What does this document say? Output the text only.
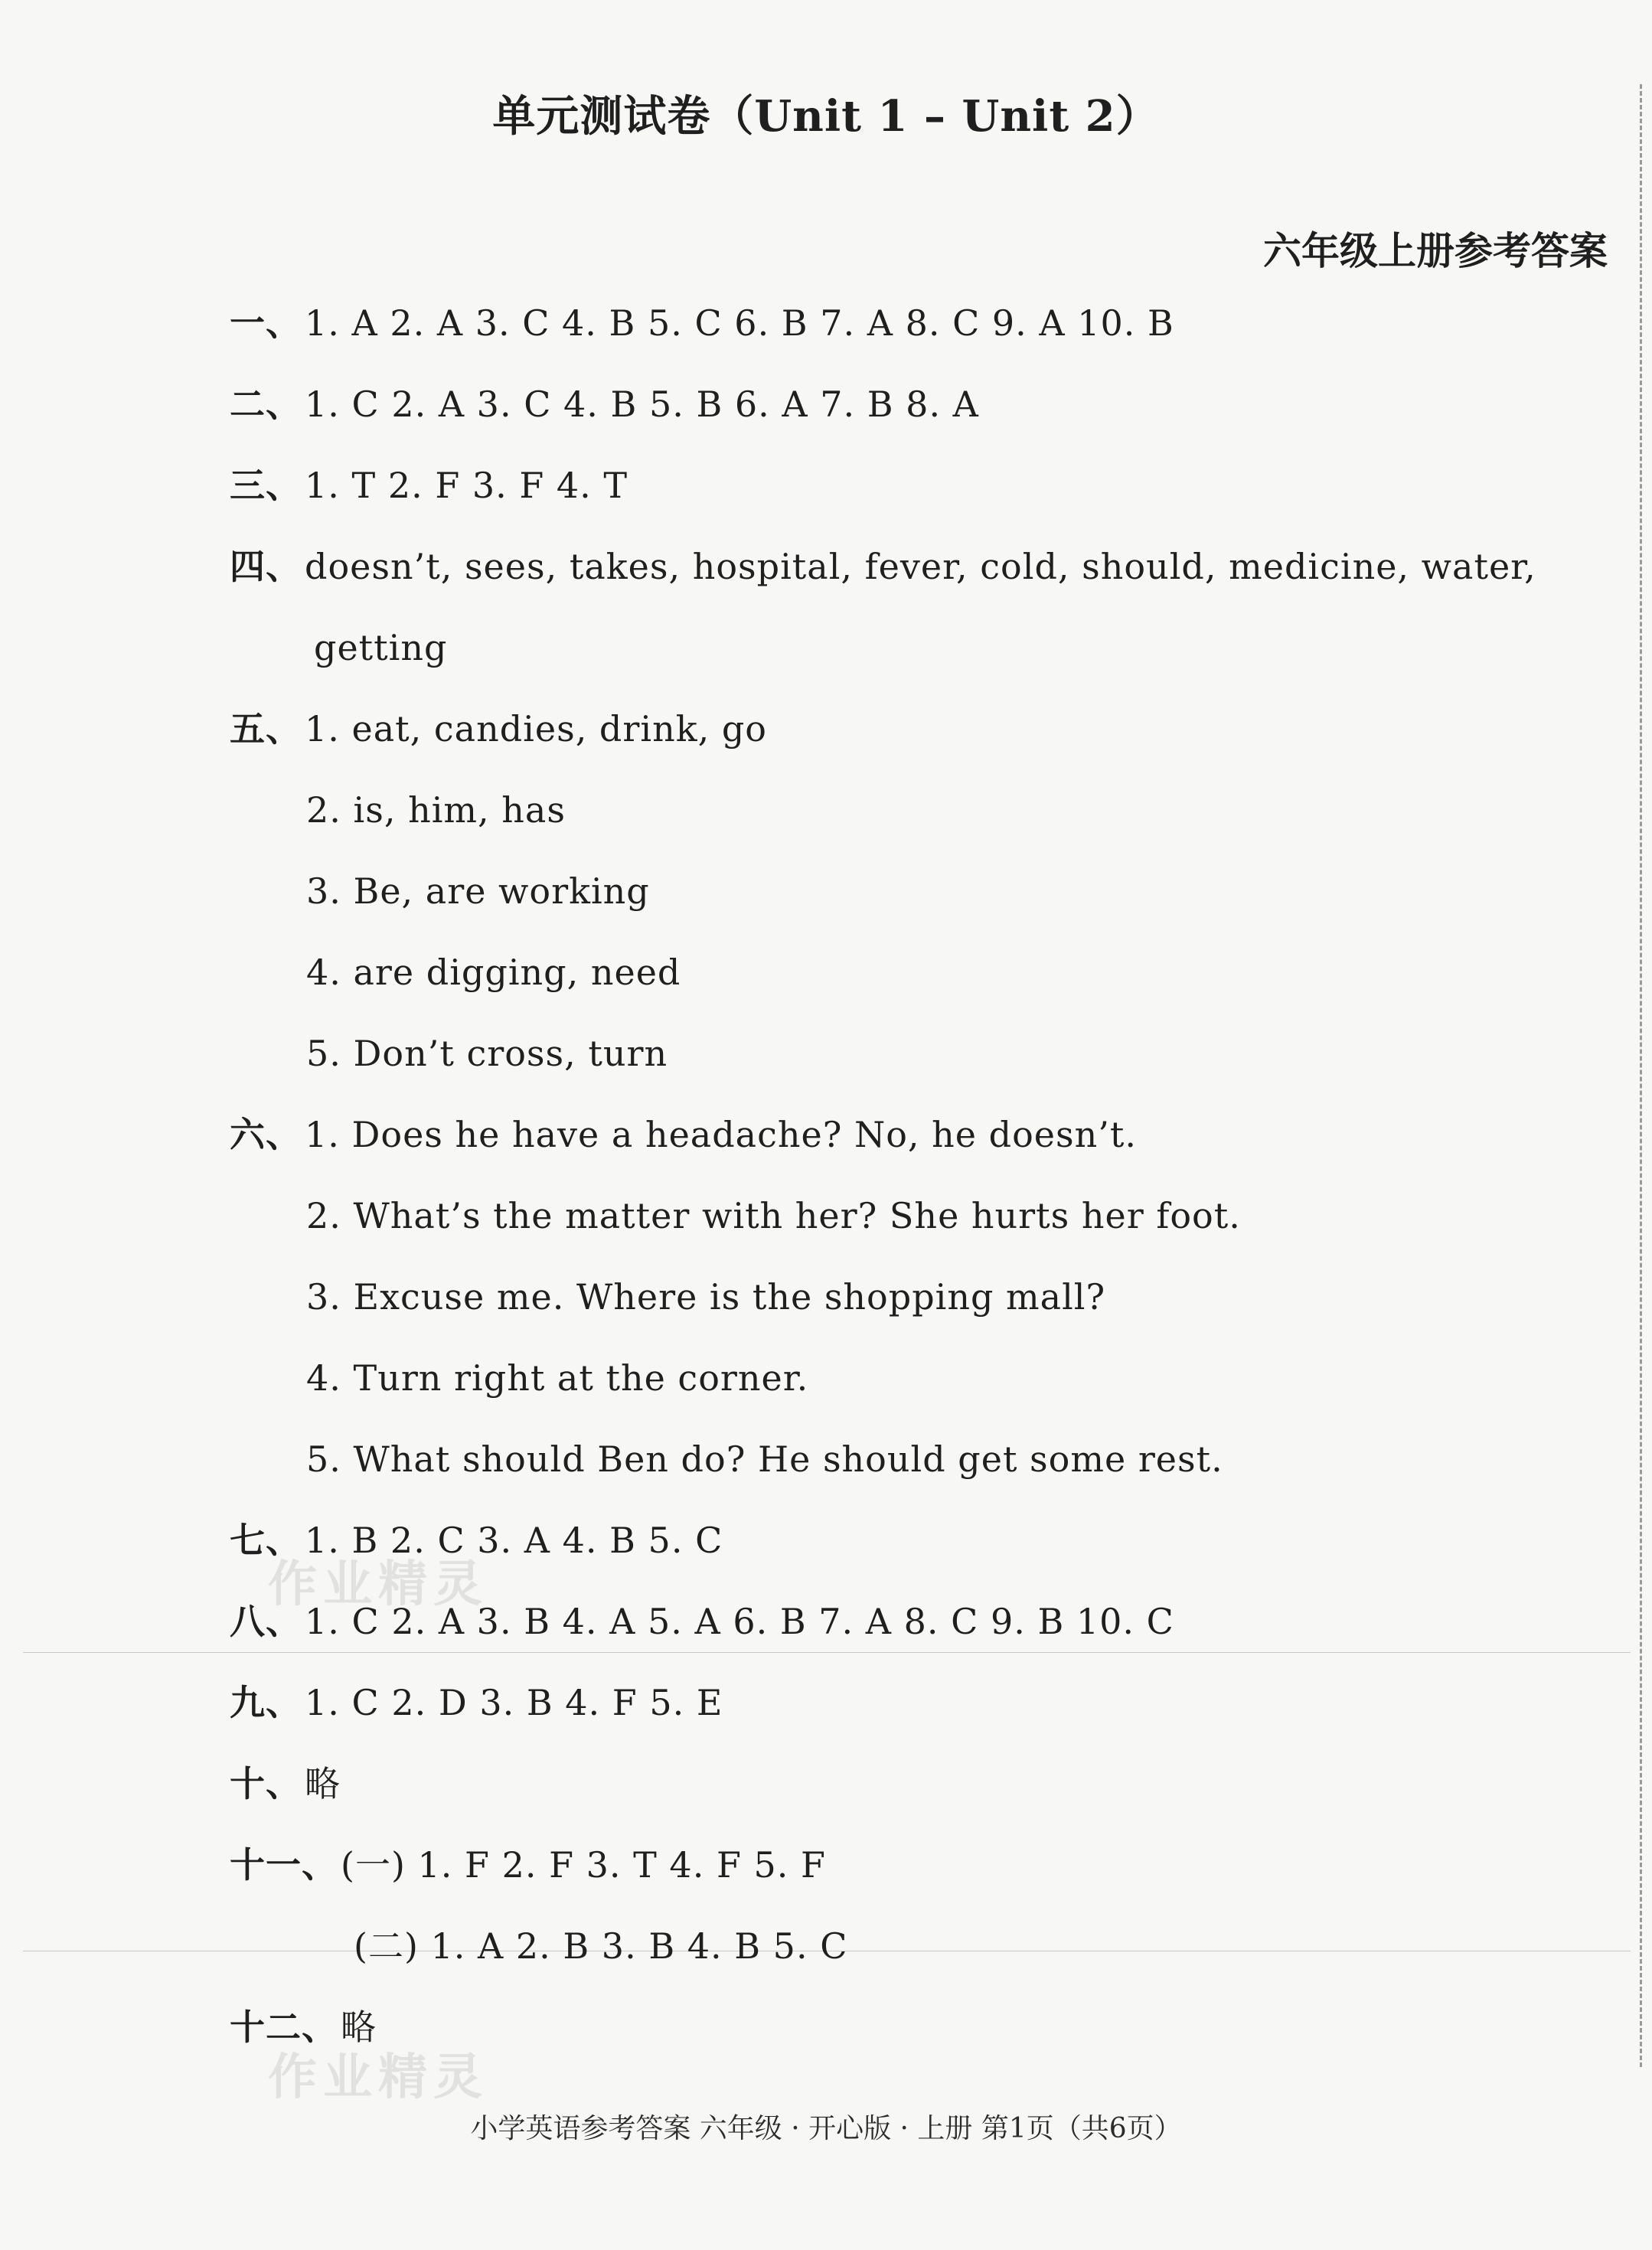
单元测试卷（Unit 1 – Unit 2）
六年级上册参考答案
一、1. A 2. A 3. C 4. B 5. C 6. B 7. A 8. C 9. A 10. B
二、1. C 2. A 3. C 4. B 5. B 6. A 7. B 8. A
三、1. T 2. F 3. F 4. T
四、doesn’t, sees, takes, hospital, fever, cold, should, medicine, water,
getting
五、1. eat, candies, drink, go
2. is, him, has
3. Be, are working
4. are digging, need
5. Don’t cross, turn
六、1. Does he have a headache? No, he doesn’t.
2. What’s the matter with her? She hurts her foot.
3. Excuse me. Where is the shopping mall?
4. Turn right at the corner.
5. What should Ben do? He should get some rest.
七、1. B 2. C 3. A 4. B 5. C
八、1. C 2. A 3. B 4. A 5. A 6. B 7. A 8. C 9. B 10. C
九、1. C 2. D 3. B 4. F 5. E
十、略
十一、(一) 1. F 2. F 3. T 4. F 5. F
(二) 1. A 2. B 3. B 4. B 5. C
十二、略
作业精灵
作业精灵
小学英语参考答案 六年级 · 开心版 · 上册 第1页（共6页）
